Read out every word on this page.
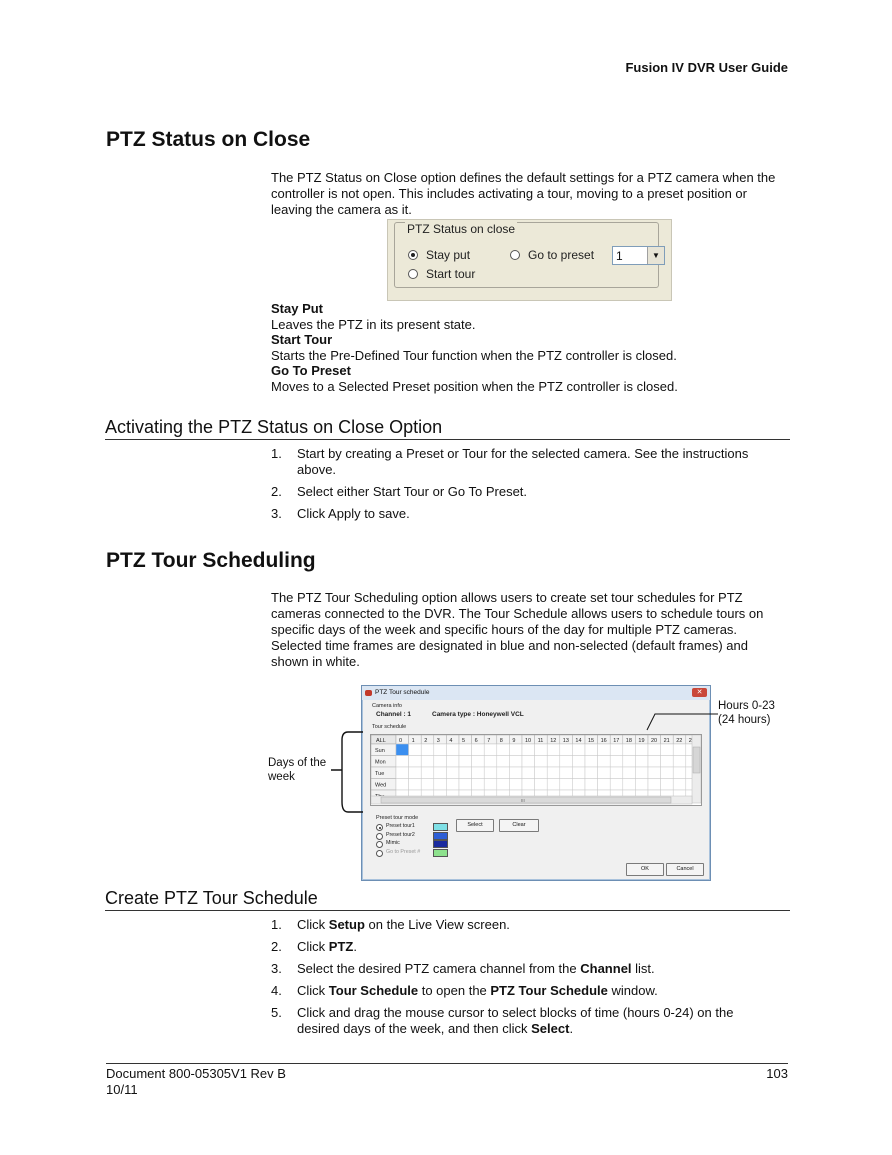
Fusion IV DVR User Guide
PTZ Status on Close

The PTZ Status on Close option defines the default settings for a PTZ camera when the
controller is not open. This includes activating a tour, moving to a preset position or
leaving the camera as it.

PTZ Status on close
Stay put
Start tour
Go to preset 1	▼
Stay Put
Leaves the PTZ in its present state.
Start Tour
Starts the Pre-Defined Tour function when the PTZ controller is closed.
Go To Preset
Moves to a Selected Preset position when the PTZ controller is closed.
Activating the PTZ Status on Close Option
1. Start by creating a Preset or Tour for the selected camera. See the instructions
above.
2. Select either Start Tour or Go To Preset.
3. Click Apply to save.
PTZ Tour Scheduling

The PTZ Tour Scheduling option allows users to create set tour schedules for PTZ
cameras connected to the DVR. The Tour Schedule allows users to schedule tours on
specific days of the week and specific hours of the day for multiple PTZ cameras.
Selected time frames are designated in blue and non-selected (default frames) and
shown in white.

PTZ Tour schedule	✕
Camera info
Channel : 1	Camera type : Honeywell VCL
Tour schedule
ALL 0 1 2 3 4 5 6 7 8 9 10 11 12 13 14 15 16 17 18 19 20 21 22 2
Sun
Mon
Tue
Wed
III
Preset tour mode
Preset tour1
Preset tour2
Mimic
Go to Preset #
Select	Clear
OK	Cancel
Hours 0-23
(24 hours)
Days of the
week
Create PTZ Tour Schedule
1. Click Setup on the Live View screen.
2. Click PTZ.
3. Select the desired PTZ camera channel from the Channel list.
4. Click Tour Schedule to open the PTZ Tour Schedule window.
5. Click and drag the mouse cursor to select blocks of time (hours 0-24) on the
desired days of the week, and then click Select.
Document 800-05305V1 Rev B
10/11
103
